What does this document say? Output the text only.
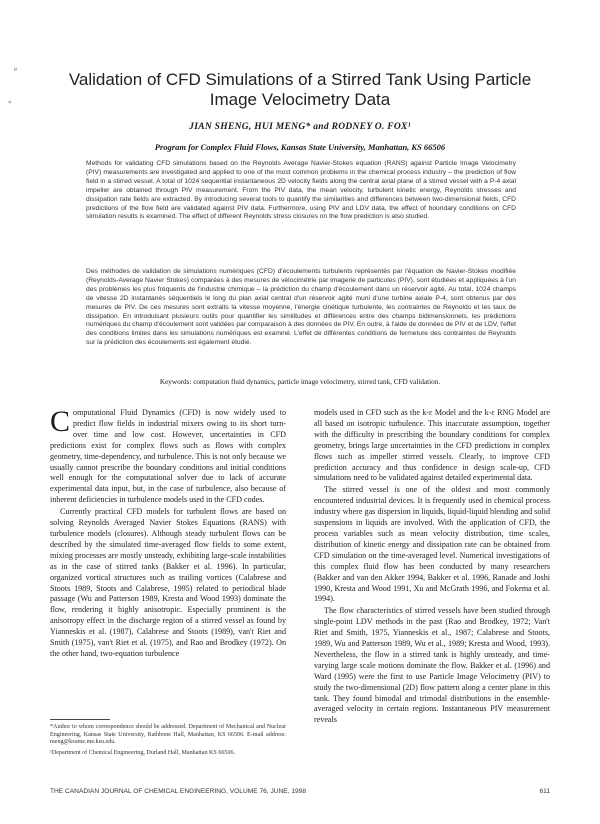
e
«
Validation of CFD Simulations of a Stirred Tank Using Particle Image Velocimetry Data
JIAN SHENG, HUI MENG* and RODNEY O. FOX¹
Program for Complex Fluid Flows, Kansas State University, Manhattan, KS 66506
Methods for validating CFD simulations based on the Reynolds Average Navier-Stokes equation (RANS) against Particle Image Velocimetry (PIV) measurements are investigated and applied to one of the most common problems in the chemical process industry – the prediction of flow field in a stirred vessel. A total of 1024 sequential instantaneous 2D velocity fields along the central axial plane of a stirred vessel with a P-4 axial impeller are obtained through PIV measurement. From the PIV data, the mean velocity, turbulent kinetic energy, Reynolds stresses and dissipation rate fields are extracted. By introducing several tools to quantify the similarities and differences between two-dimensional fields, CFD predictions of the flow field are validated against PIV data. Furthermore, using PIV and LDV data, the effect of boundary conditions on CFD simulation results is examined. The effect of different Reynolds stress closures on the flow prediction is also studied.
Des méthodes de validation de simulations numériques (CFD) d'écoulements turbulents représentés par l'équation de Navier-Stokes modifiée (Reynolds-Average Navier Stokes) comparées à des mesures de vélocimétrie par imagerie de particules (PIV), sont étudiées et appliquées à l'un des problèmes les plus fréquents de l'industrie chimique – la prédiction du champ d'écoulement dans un réservoir agité. Au total, 1024 champs de vitesse 2D instantanés séquentiels le long du plan axial central d'un réservoir agité muni d'une turbine axiale P-4, sont obtenus par des mesures de PIV. De ces mesures sont extraits la vitesse moyenne, l'énergie cinétique turbulente, les contraintes de Reynolds et les taux de dissipation. En introduisant plusieurs outils pour quantifier les similitudes et différences entre des champs bidimensionnels, les prédictions numériques du champ d'écoulement sont validées par comparaison à des données de PIV. En outre, à l'aide de données de PIV et de LDV, l'effet des conditions limites dans les simulations numériques est examiné. L'effet de différentes conditions de fermeture des contraintes de Reynolds sur la prédiction des écoulements est également étudié.
Keywords: computation fluid dynamics, particle image velocimetry, stirred tank, CFD validation.

Computational Fluid Dynamics (CFD) is now widely used to predict flow fields in industrial mixers owing to its short turn-over time and low cost. However, uncertainties in CFD predictions exist for complex flows such as flows with complex geometry, time-dependency, and turbulence. This is not only because we usually cannot prescribe the boundary conditions and initial conditions well enough for the computational solver due to lack of accurate experimental data input, but, in the case of turbulence, also because of inherent deficiencies in turbulence models used in the CFD codes.

Currently practical CFD models for turbulent flows are based on solving Reynolds Averaged Navier Stokes Equations (RANS) with turbulence models (closures). Although steady turbulent flows can be described by the simulated time-averaged flow fields to some extent, mixing processes are mostly unsteady, exhibiting large-scale instabilities as in the case of stirred tanks (Bakker et al. 1996). In particular, organized vortical structures such as trailing vortices (Calabrese and Stoots 1989, Stoots and Calabrese, 1995) related to periodical blade passage (Wu and Patterson 1989, Kresta and Wood 1993) dominate the flow, rendering it highly anisotropic. Especially prominent is the anisotropy effect in the discharge region of a stirred vessel as found by Yianneskis et al. (1987), Calabrese and Stoots (1989), van't Riet and Smith (1975), van't Riet et al. (1975), and Rao and Brodkey (1972). On the other hand, two-equation turbulence

*Author to whom correspondence should be addressed. Department of Mechanical and Nuclear Engineering, Kansas State University, Rathbone Hall, Manhattan, KS 66506. E-mail address: meng@ksume.me.ksu.edu.

¹Department of Chemical Engineering, Durland Hall, Manhattan KS 66506.

models used in CFD such as the k-ε Model and the k-ε RNG Model are all based on isotropic turbulence. This inaccurate assumption, together with the difficulty in prescribing the boundary conditions for complex geometry, brings large uncertainties in the CFD predictions in complex flows such as impeller stirred vessels. Clearly, to improve CFD prediction accuracy and thus confidence in design scale-up, CFD simulations need to be validated against detailed experimental data.

The stirred vessel is one of the oldest and most commonly encountered industrial devices. It is frequently used in chemical process industry where gas dispersion in liquids, liquid-liquid blending and solid suspensions in liquids are involved. With the application of CFD, the process variables such as mean velocity distribution, time scales, distribution of kinetic energy and dissipation rate can be obtained from CFD simulation on the time-averaged level. Numerical investigations of this complex fluid flow has been conducted by many researchers (Bakker and van den Akker 1994, Bakker et al. 1996, Ranade and Joshi 1990, Kresta and Wood 1991, Xu and McGrath 1996, and Fokema et al. 1994).

The flow characteristics of stirred vessels have been studied through single-point LDV methods in the past (Rao and Brodkey, 1972; Van't Riet and Smith, 1975, Yianneskis et al., 1987; Calabrese and Stoots, 1989, Wu and Patterson 1989, Wu et al., 1989; Kresta and Wood, 1993). Nevertheless, the flow in a stirred tank is highly unsteady, and time-varying large scale motions dominate the flow. Bakker et al. (1996) and Ward (1995) were the first to use Particle Image Velocimetry (PIV) to study the two-dimensional (2D) flow pattern along a center plane in this tank. They found bimodal and trimodal distributions in the ensemble-averaged velocity in certain regions. Instantaneous PIV measurement reveals

THE CANADIAN JOURNAL OF CHEMICAL ENGINEERING, VOLUME 76, JUNE, 1998	611
